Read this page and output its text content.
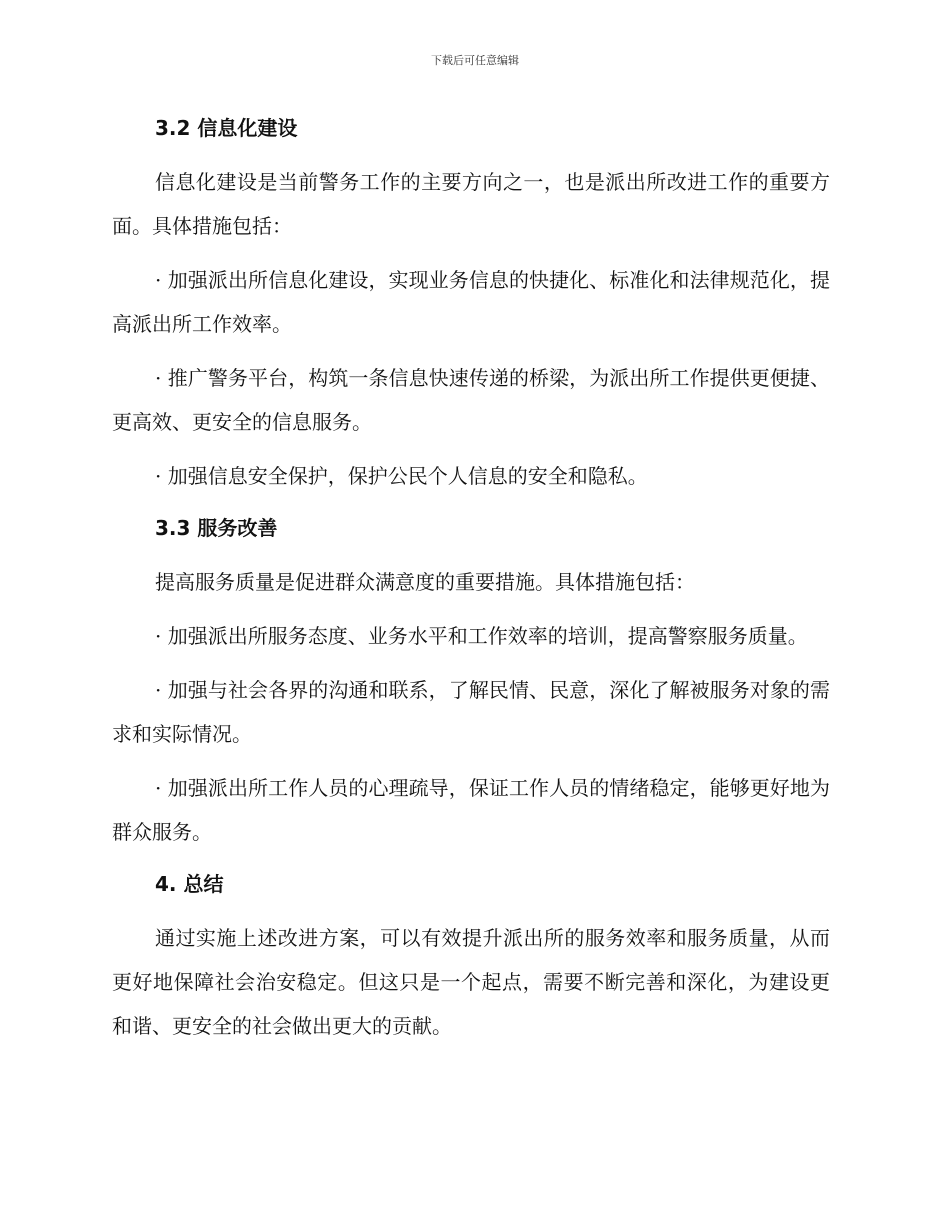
下载后可任意编辑
3.2 信息化建设

信息化建设是当前警务工作的主要方向之一，也是派出所改进工作的重要方面。具体措施包括：

· 加强派出所信息化建设，实现业务信息的快捷化、标准化和法律规范化，提高派出所工作效率。

· 推广警务平台，构筑一条信息快速传递的桥梁，为派出所工作提供更便捷、更高效、更安全的信息服务。

· 加强信息安全保护，保护公民个人信息的安全和隐私。

3.3 服务改善

提高服务质量是促进群众满意度的重要措施。具体措施包括：

· 加强派出所服务态度、业务水平和工作效率的培训，提高警察服务质量。

· 加强与社会各界的沟通和联系，了解民情、民意，深化了解被服务对象的需求和实际情况。

· 加强派出所工作人员的心理疏导，保证工作人员的情绪稳定，能够更好地为群众服务。

4. 总结

通过实施上述改进方案，可以有效提升派出所的服务效率和服务质量，从而更好地保障社会治安稳定。但这只是一个起点，需要不断完善和深化，为建设更和谐、更安全的社会做出更大的贡献。
